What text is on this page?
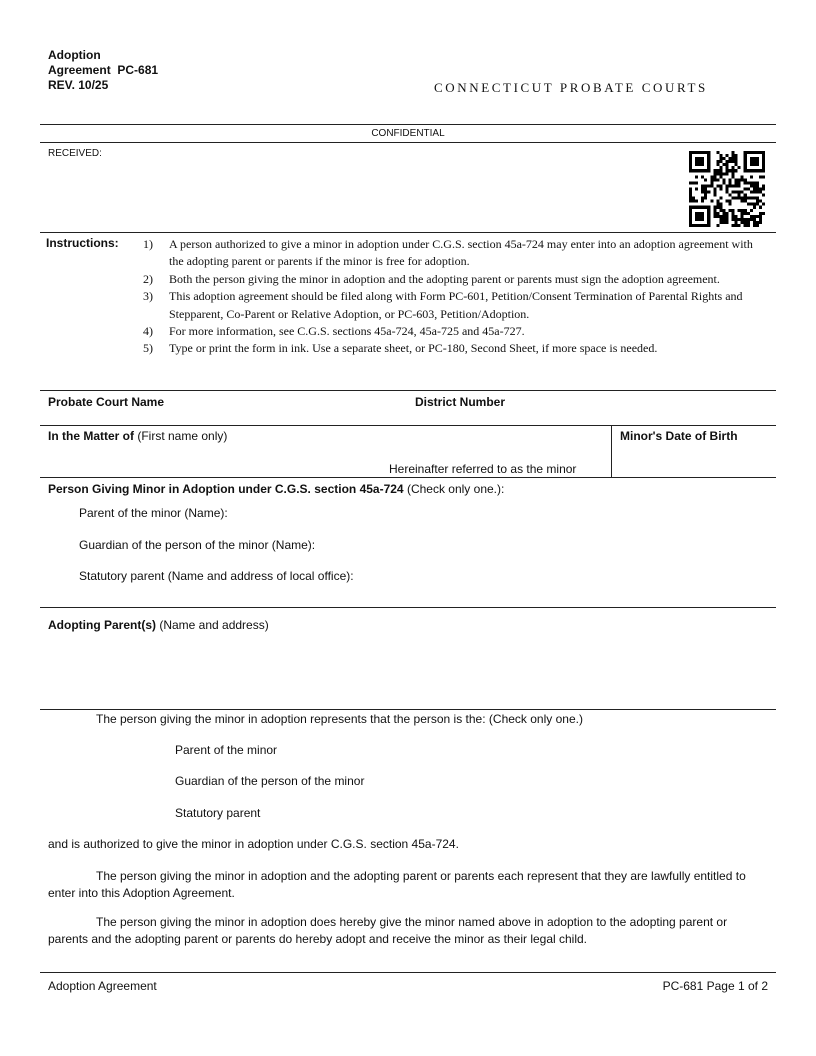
Adoption
Agreement  PC-681
REV. 10/25	CONNECTICUT PROBATE COURTS
CONFIDENTIAL
RECEIVED:
Instructions: 1)	A person authorized to give a minor in adoption under C.G.S. section 45a-724 may enter into an adoption agreement with the adopting parent or parents if the minor is free for adoption.
2)	Both the person giving the minor in adoption and the adopting parent or parents must sign the adoption agreement.
3)	This adoption agreement should be filed along with Form PC-601, Petition/Consent Termination of Parental Rights and Stepparent, Co-Parent or Relative Adoption, or PC-603, Petition/Adoption.
4)	For more information, see C.G.S. sections 45a-724, 45a-725 and 45a-727.
5)	Type or print the form in ink. Use a separate sheet, or PC-180, Second Sheet, if more space is needed.
Probate Court Name	District Number
In the Matter of (First name only)
Hereinafter referred to as the minor
Minor's Date of Birth
Person Giving Minor in Adoption under C.G.S. section 45a-724 (Check only one.):
Parent of the minor (Name):
Guardian of the person of the minor (Name):
Statutory parent (Name and address of local office):
Adopting Parent(s) (Name and address)
The person giving the minor in adoption represents that the person is the: (Check only one.)
Parent of the minor
Guardian of the person of the minor
Statutory parent
and is authorized to give the minor in adoption under C.G.S. section 45a-724.
The person giving the minor in adoption and the adopting parent or parents each represent that they are lawfully entitled to enter into this Adoption Agreement.
The person giving the minor in adoption does hereby give the minor named above in adoption to the adopting parent or parents and the adopting parent or parents do hereby adopt and receive the minor as their legal child.
Adoption Agreement	PC-681 Page 1 of 2
